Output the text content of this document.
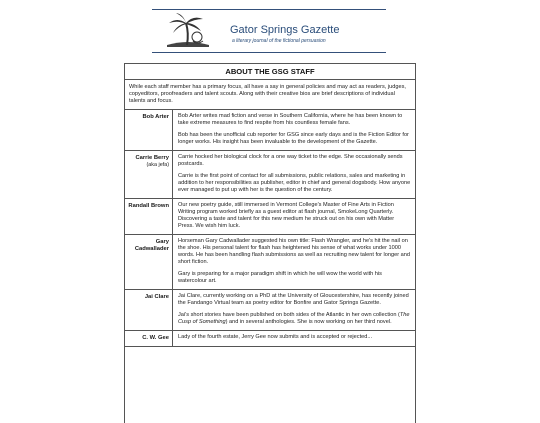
Gator Springs Gazette
a literary journal of the fictional persuasion
ABOUT THE GSG STAFF
While each staff member has a primary focus, all have a say in general policies and may act as readers, judges, copyeditors, proofreaders and talent scouts. Along with their creative bios are brief descriptions of individual talents and focus.
Bob Arter Bob Arter writes mad fiction and verse in Southern California, where he has been known to take extreme measures to find respite from his countless female fans.

Bob has been the unofficial cub reporter for GSG since early days and is the Fiction Editor for longer works. His insight has been invaluable to the development of the Gazette.

Carrie Berry
(aka jefa)

Carrie hocked her biological clock for a one way ticket to the edge. She occasionally sends postcards.

Carrie is the first point of contact for all submissions, public relations, sales and marketing in addition to her responsibilities as publisher, editor in chief and general dogsbody. How anyone ever managed to put up with her is the question of the century.

Randall Brown Our new poetry guide, still immersed in Vermont College's Master of Fine Arts in Fiction Writing program worked briefly as a guest editor at flash journal, SmokeLong Quarterly. Discovering a taste and talent for this new medium he struck out on his own with Matter Press. We wish him luck.

Gary Cadwallader

Horseman Gary Cadwallader suggested his own title: Flash Wrangler, and he's hit the nail on the shoe. His personal talent for flash has heightened his sense of what works under 1000 words. He has been handling flash submissions as well as recruiting new talent for longer and short fiction.

Gary is preparing for a major paradigm shift in which he will wow the world with his watercolour art.

Jai Clare Jai Clare, currently working on a PhD at the University of Gloucestershire, has recently joined the Fandango Virtual team as poetry editor for Bonfire and Gator Springs Gazette.

Jai's short stories have been published on both sides of the Atlantic in her own collection (The Cusp of Something) and in several anthologies. She is now working on her third novel.

C. W. Gee Lady of the fourth estate, Jerry Gee now submits and is accepted or rejected...
